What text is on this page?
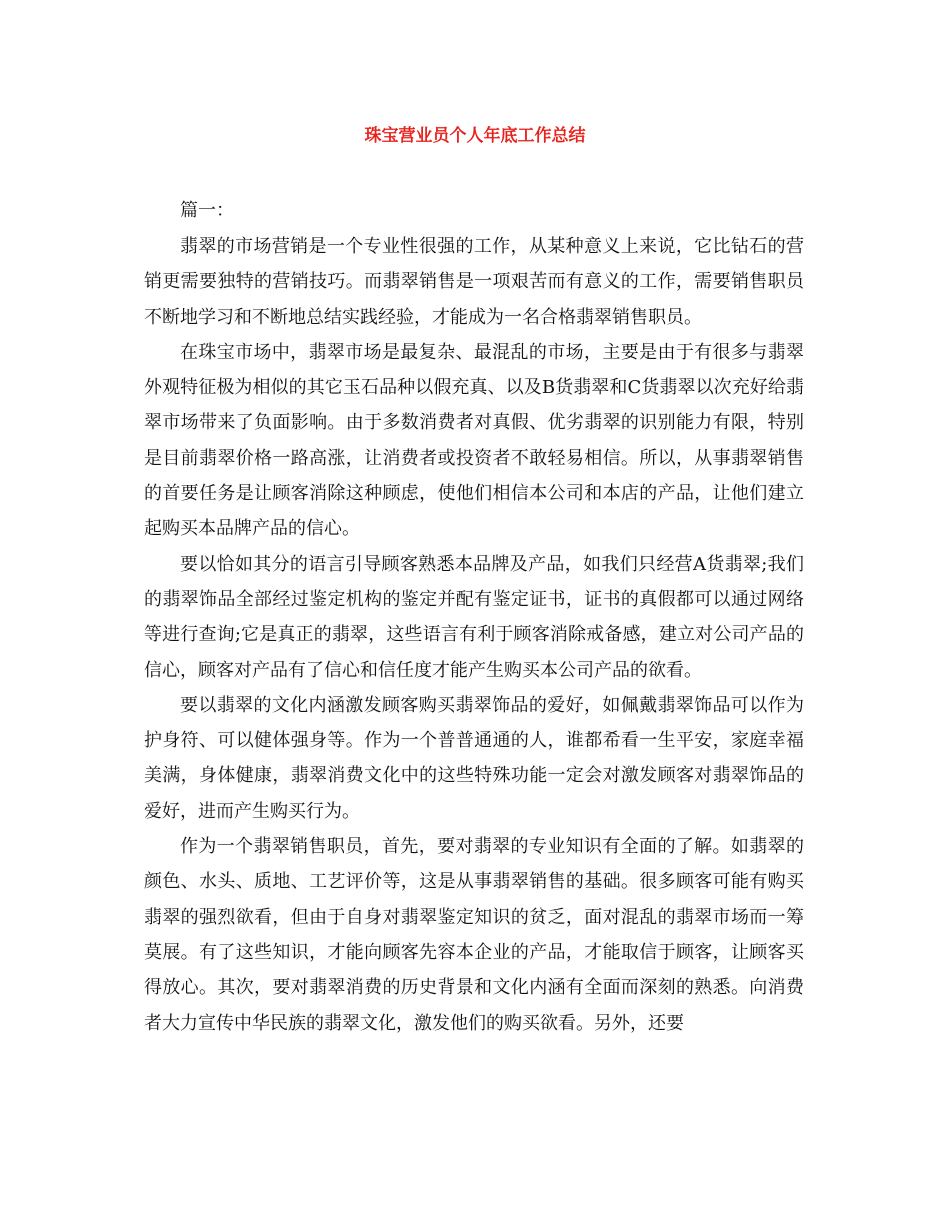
珠宝营业员个人年底工作总结
篇一：

翡翠的市场营销是一个专业性很强的工作，从某种意义上来说，它比钻石的营销更需要独特的营销技巧。而翡翠销售是一项艰苦而有意义的工作，需要销售职员不断地学习和不断地总结实践经验，才能成为一名合格翡翠销售职员。

在珠宝市场中，翡翠市场是最复杂、最混乱的市场，主要是由于有很多与翡翠外观特征极为相似的其它玉石品种以假充真、以及B货翡翠和C货翡翠以次充好给翡翠市场带来了负面影响。由于多数消费者对真假、优劣翡翠的识别能力有限，特别是目前翡翠价格一路高涨，让消费者或投资者不敢轻易相信。所以，从事翡翠销售的首要任务是让顾客消除这种顾虑，使他们相信本公司和本店的产品，让他们建立起购买本品牌产品的信心。

要以恰如其分的语言引导顾客熟悉本品牌及产品，如我们只经营A货翡翠;我们的翡翠饰品全部经过鉴定机构的鉴定并配有鉴定证书，证书的真假都可以通过网络等进行查询;它是真正的翡翠，这些语言有利于顾客消除戒备感，建立对公司产品的信心，顾客对产品有了信心和信任度才能产生购买本公司产品的欲看。

要以翡翠的文化内涵激发顾客购买翡翠饰品的爱好，如佩戴翡翠饰品可以作为护身符、可以健体强身等。作为一个普普通通的人，谁都希看一生平安，家庭幸福美满，身体健康，翡翠消费文化中的这些特殊功能一定会对激发顾客对翡翠饰品的爱好，进而产生购买行为。

作为一个翡翠销售职员，首先，要对翡翠的专业知识有全面的了解。如翡翠的颜色、水头、质地、工艺评价等，这是从事翡翠销售的基础。很多顾客可能有购买翡翠的强烈欲看，但由于自身对翡翠鉴定知识的贫乏，面对混乱的翡翠市场而一筹莫展。有了这些知识，才能向顾客先容本企业的产品，才能取信于顾客，让顾客买得放心。其次，要对翡翠消费的历史背景和文化内涵有全面而深刻的熟悉。向消费者大力宣传中华民族的翡翠文化，激发他们的购买欲看。另外，还要
